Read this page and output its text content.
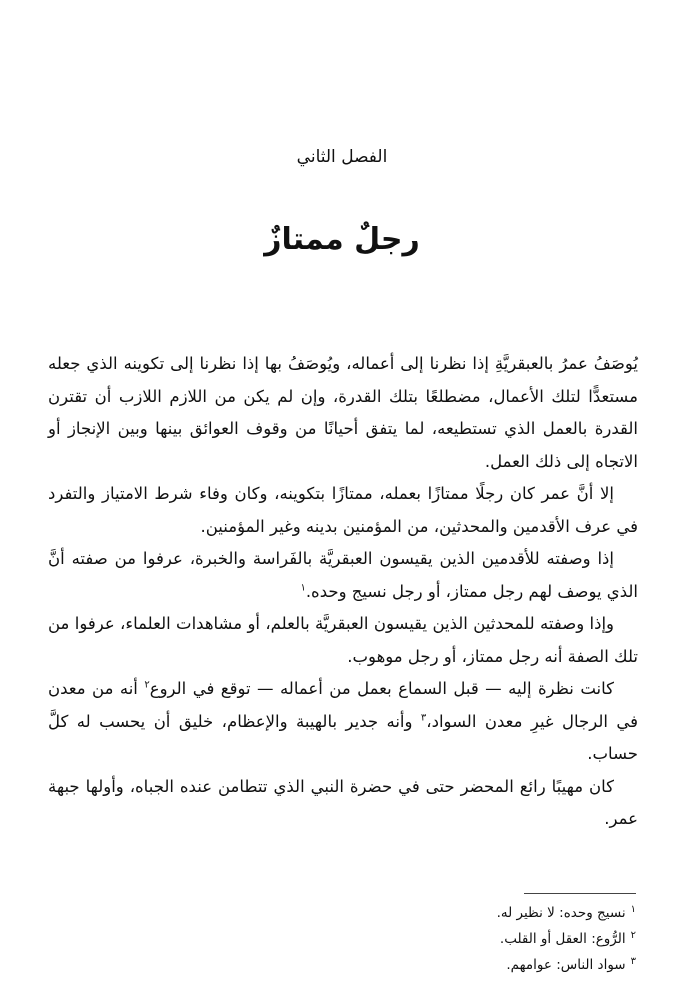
الفصل الثاني
رجلٌ ممتازٌ

يُوصَفُ عمرُ بالعبقريَّةِ إذا نظرنا إلى أعماله، ويُوصَفُ بها إذا نظرنا إلى تكوينه الذي جعله مستعدًّا لتلك الأعمال، مضطلعًا بتلك القدرة، وإن لم يكن من اللازم اللازب أن تقترن القدرة بالعمل الذي تستطيعه، لما يتفق أحيانًا من وقوف العوائق بينها وبين الإنجاز أو الاتجاه إلى ذلك العمل.

إلا أنَّ عمر كان رجلًا ممتازًا بعمله، ممتازًا بتكوينه، وكان وفاء شرط الامتياز والتفرد في عرف الأقدمين والمحدثين، من المؤمنين بدينه وغير المؤمنين.

إذا وصفته للأقدمين الذين يقيسون العبقريَّة بالفَراسة والخبرة، عرفوا من صفته أنَّ الذي يوصف لهم رجل ممتاز، أو رجل نسيج وحده.$^١$

وإذا وصفته للمحدثين الذين يقيسون العبقريَّة بالعلم، أو مشاهدات العلماء، عرفوا من تلك الصفة أنه رجل ممتاز، أو رجل موهوب.

كانت نظرة إليه — قبل السماع بعمل من أعماله — توقع في الروع$^٢$ أنه من معدن في الرجال غيرِ معدن السواد،$^٣$ وأنه جدير بالهيبة والإعظام، خليق أن يحسب له كلَّ حساب.

كان مهيبًا رائع المحضر حتى في حضرة النبي الذي تتطامن عنده الجباه، وأولها جبهة عمر.

$^١$نسيج وحده: لا نظير له.
$^٢$الرُّوع: العقل أو القلب.
$^٣$سواد الناس: عوامهم.
